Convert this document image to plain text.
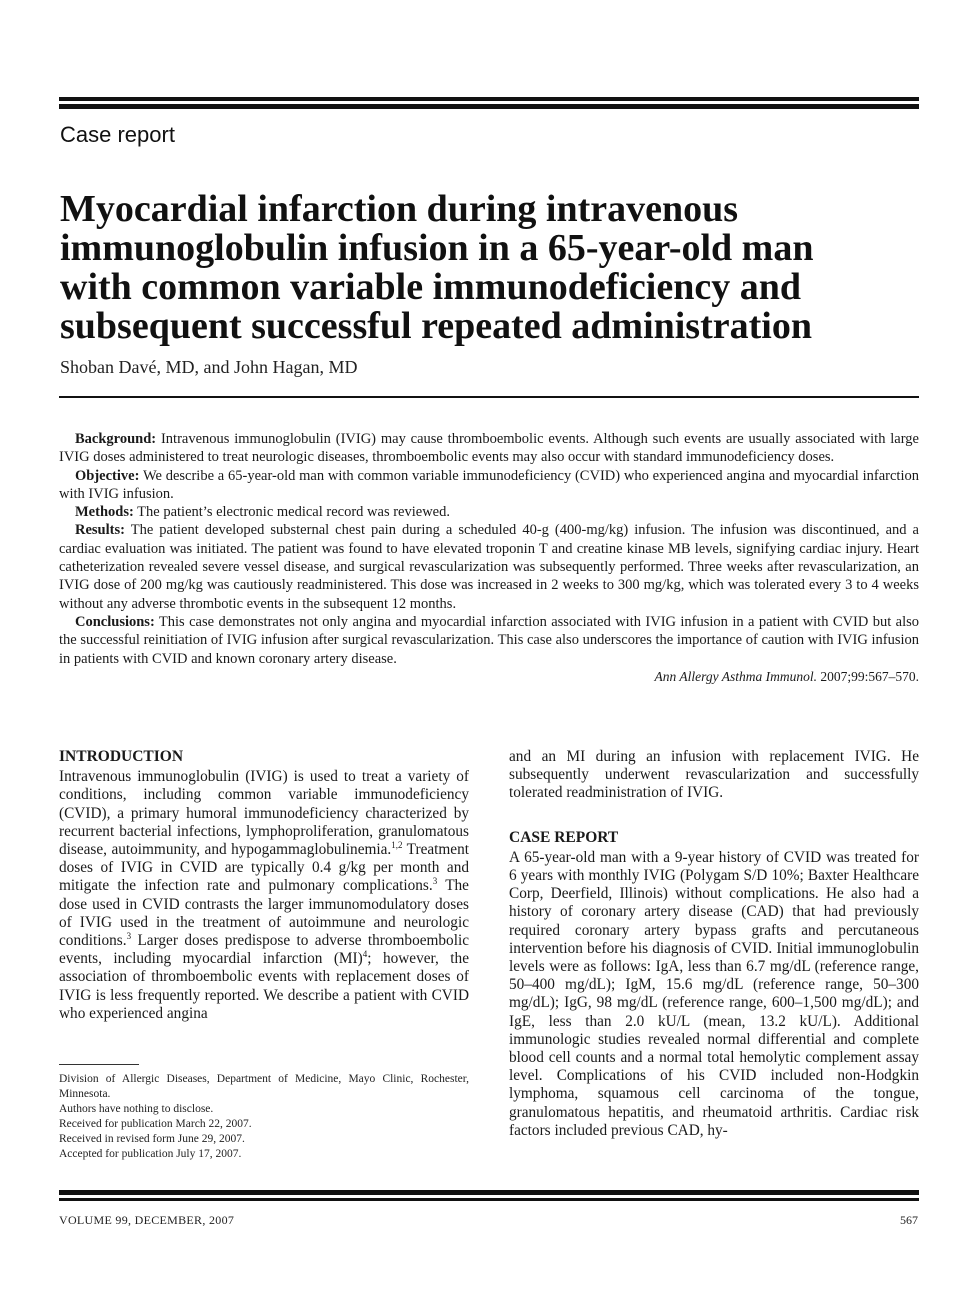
Case report
Myocardial infarction during intravenous
immunoglobulin infusion in a 65-year-old man
with common variable immunodeficiency and
subsequent successful repeated administration
Shoban Davé, MD, and John Hagan, MD

Background: Intravenous immunoglobulin (IVIG) may cause thromboembolic events. Although such events are usually associated with large IVIG doses administered to treat neurologic diseases, thromboembolic events may also occur with standard immunodeficiency doses.

Objective: We describe a 65-year-old man with common variable immunodeficiency (CVID) who experienced angina and myocardial infarction with IVIG infusion.

Methods: The patient’s electronic medical record was reviewed.

Results: The patient developed substernal chest pain during a scheduled 40-g (400-mg/kg) infusion. The infusion was discontinued, and a cardiac evaluation was initiated. The patient was found to have elevated troponin T and creatine kinase MB levels, signifying cardiac injury. Heart catheterization revealed severe vessel disease, and surgical revascularization was subsequently performed. Three weeks after revascularization, an IVIG dose of 200 mg/kg was cautiously readministered. This dose was increased in 2 weeks to 300 mg/kg, which was tolerated every 3 to 4 weeks without any adverse thrombotic events in the subsequent 12 months.

Conclusions: This case demonstrates not only angina and myocardial infarction associated with IVIG infusion in a patient with CVID but also the successful reinitiation of IVIG infusion after surgical revascularization. This case also underscores the importance of caution with IVIG infusion in patients with CVID and known coronary artery disease.

Ann Allergy Asthma Immunol. 2007;99:567–570.
INTRODUCTION

Intravenous immunoglobulin (IVIG) is used to treat a variety of conditions, including common variable immunodeficiency (CVID), a primary humoral immunodeficiency characterized by recurrent bacterial infections, lymphoproliferation, granulomatous disease, autoimmunity, and hypogammaglobulinemia.$^{1,2}$ Treatment doses of IVIG in CVID are typically 0.4 g/kg per month and mitigate the infection rate and pulmonary complications.$^3$ The dose used in CVID contrasts the larger immunomodulatory doses of IVIG used in the treatment of autoimmune and neurologic conditions.$^3$ Larger doses predispose to adverse thromboembolic events, including myocardial infarction (MI)$^4$; however, the association of thromboembolic events with replacement doses of IVIG is less frequently reported. We describe a patient with CVID who experienced angina

Division of Allergic Diseases, Department of Medicine, Mayo Clinic, Rochester, Minnesota.
Authors have nothing to disclose.
Received for publication March 22, 2007.
Received in revised form June 29, 2007.
Accepted for publication July 17, 2007.

and an MI during an infusion with replacement IVIG. He subsequently underwent revascularization and successfully tolerated readministration of IVIG.

CASE REPORT

A 65-year-old man with a 9-year history of CVID was treated for 6 years with monthly IVIG (Polygam S/D 10%; Baxter Healthcare Corp, Deerfield, Illinois) without complications. He also had a history of coronary artery disease (CAD) that had previously required coronary artery bypass grafts and percutaneous intervention before his diagnosis of CVID. Initial immunoglobulin levels were as follows: IgA, less than 6.7 mg/dL (reference range, 50–400 mg/dL); IgM, 15.6 mg/dL (reference range, 50–300 mg/dL); IgG, 98 mg/dL (reference range, 600–1,500 mg/dL); and IgE, less than 2.0 kU/L (mean, 13.2 kU/L). Additional immunologic studies revealed normal differential and complete blood cell counts and a normal total hemolytic complement assay level. Complications of his CVID included non-Hodgkin lymphoma, squamous cell carcinoma of the tongue, granulomatous hepatitis, and rheumatoid arthritis. Cardiac risk factors included previous CAD, hy-

VOLUME 99, DECEMBER, 2007	567
